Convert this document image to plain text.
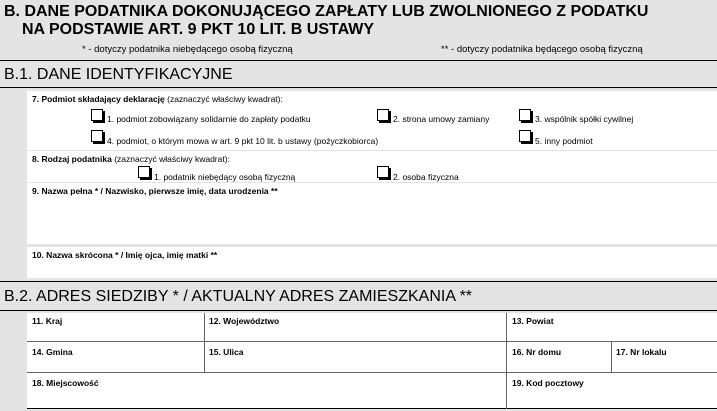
B. DANE PODATNIKA DOKONUJĄCEGO ZAPŁATY LUB ZWOLNIONEGO Z PODATKU
NA PODSTAWIE ART. 9 PKT 10 LIT. B USTAWY
* - dotyczy podatnika niebędącego osobą fizyczną	** - dotyczy podatnika będącego osobą fizyczną
B.1. DANE IDENTYFIKACYJNE
7. Podmiot składający deklarację (zaznaczyć właściwy kwadrat):
1. podmiot zobowiązany solidarnie do zapłaty podatku	2. strona umowy zamiany	3. wspólnik spółki cywilnej
4. podmiot, o którym mowa w art. 9 pkt 10 lit. b ustawy (pożyczkobiorca)	5. inny podmiot
8. Rodzaj podatnika (zaznaczyć właściwy kwadrat):
1. podatnik niebędący osobą fizyczną	2. osoba fizyczna
9. Nazwa pełna * / Nazwisko, pierwsze imię, data urodzenia **
10. Nazwa skrócona * / Imię ojca, imię matki **
B.2. ADRES SIEDZIBY * / AKTUALNY ADRES ZAMIESZKANIA **
11. Kraj	12. Województwo	13. Powiat
14. Gmina	15. Ulica	16. Nr domu	17. Nr lokalu
18. Miejscowość	19. Kod pocztowy
